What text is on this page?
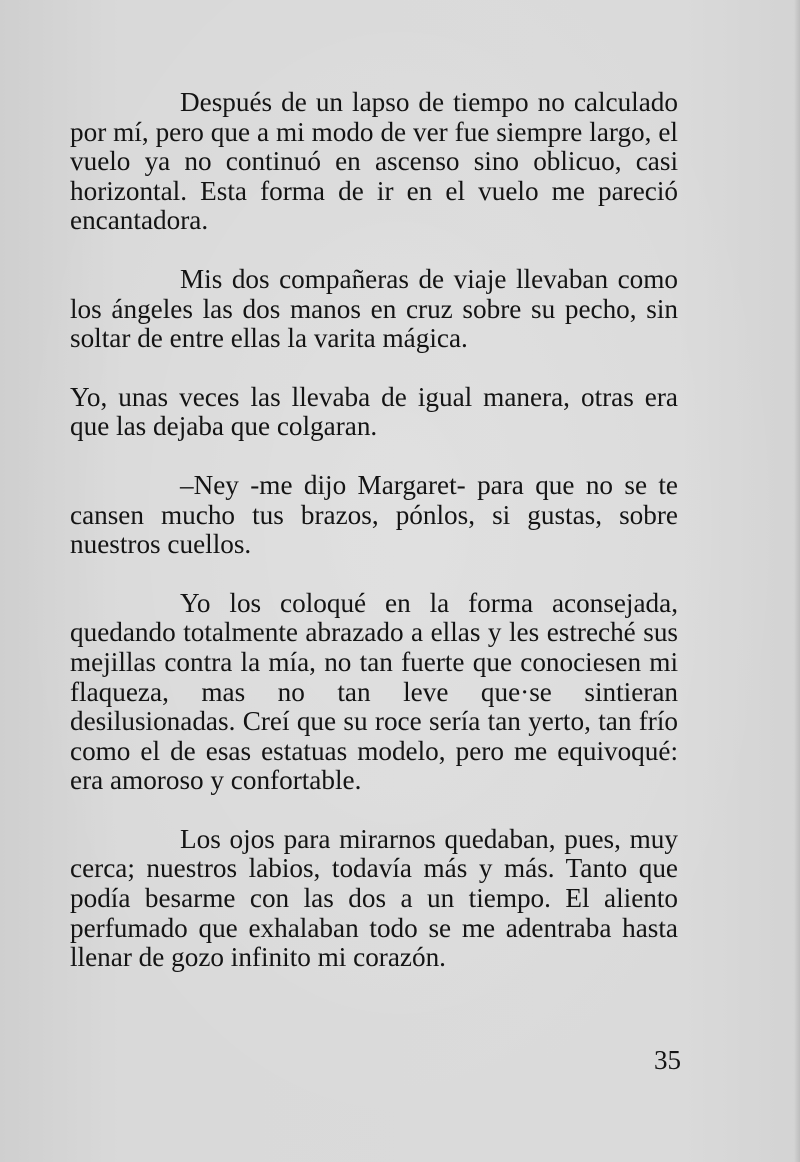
Después de un lapso de tiempo no calculado por mí, pero que a mi modo de ver fue siempre largo, el vuelo ya no continuó en ascenso sino oblicuo, casi horizontal. Esta forma de ir en el vuelo me pareció encantadora.

Mis dos compañeras de viaje llevaban como los ángeles las dos manos en cruz sobre su pecho, sin soltar de entre ellas la varita mágica.

Yo, unas veces las llevaba de igual manera, otras era que las dejaba que colgaran.

–Ney -me dijo Margaret- para que no se te cansen mucho tus brazos, pónlos, si gustas, sobre nuestros cuellos.

Yo los coloqué en la forma aconsejada, quedando totalmente abrazado a ellas y les estreché sus mejillas contra la mía, no tan fuerte que conociesen mi flaqueza, mas no tan leve que·se sintieran desilusionadas. Creí que su roce sería tan yerto, tan frío como el de esas estatuas modelo, pero me equivoqué: era amoroso y confortable.

Los ojos para mirarnos quedaban, pues, muy cerca; nuestros labios, todavía más y más. Tanto que podía besarme con las dos a un tiempo. El aliento perfumado que exhalaban todo se me adentraba hasta llenar de gozo infinito mi corazón.

35
